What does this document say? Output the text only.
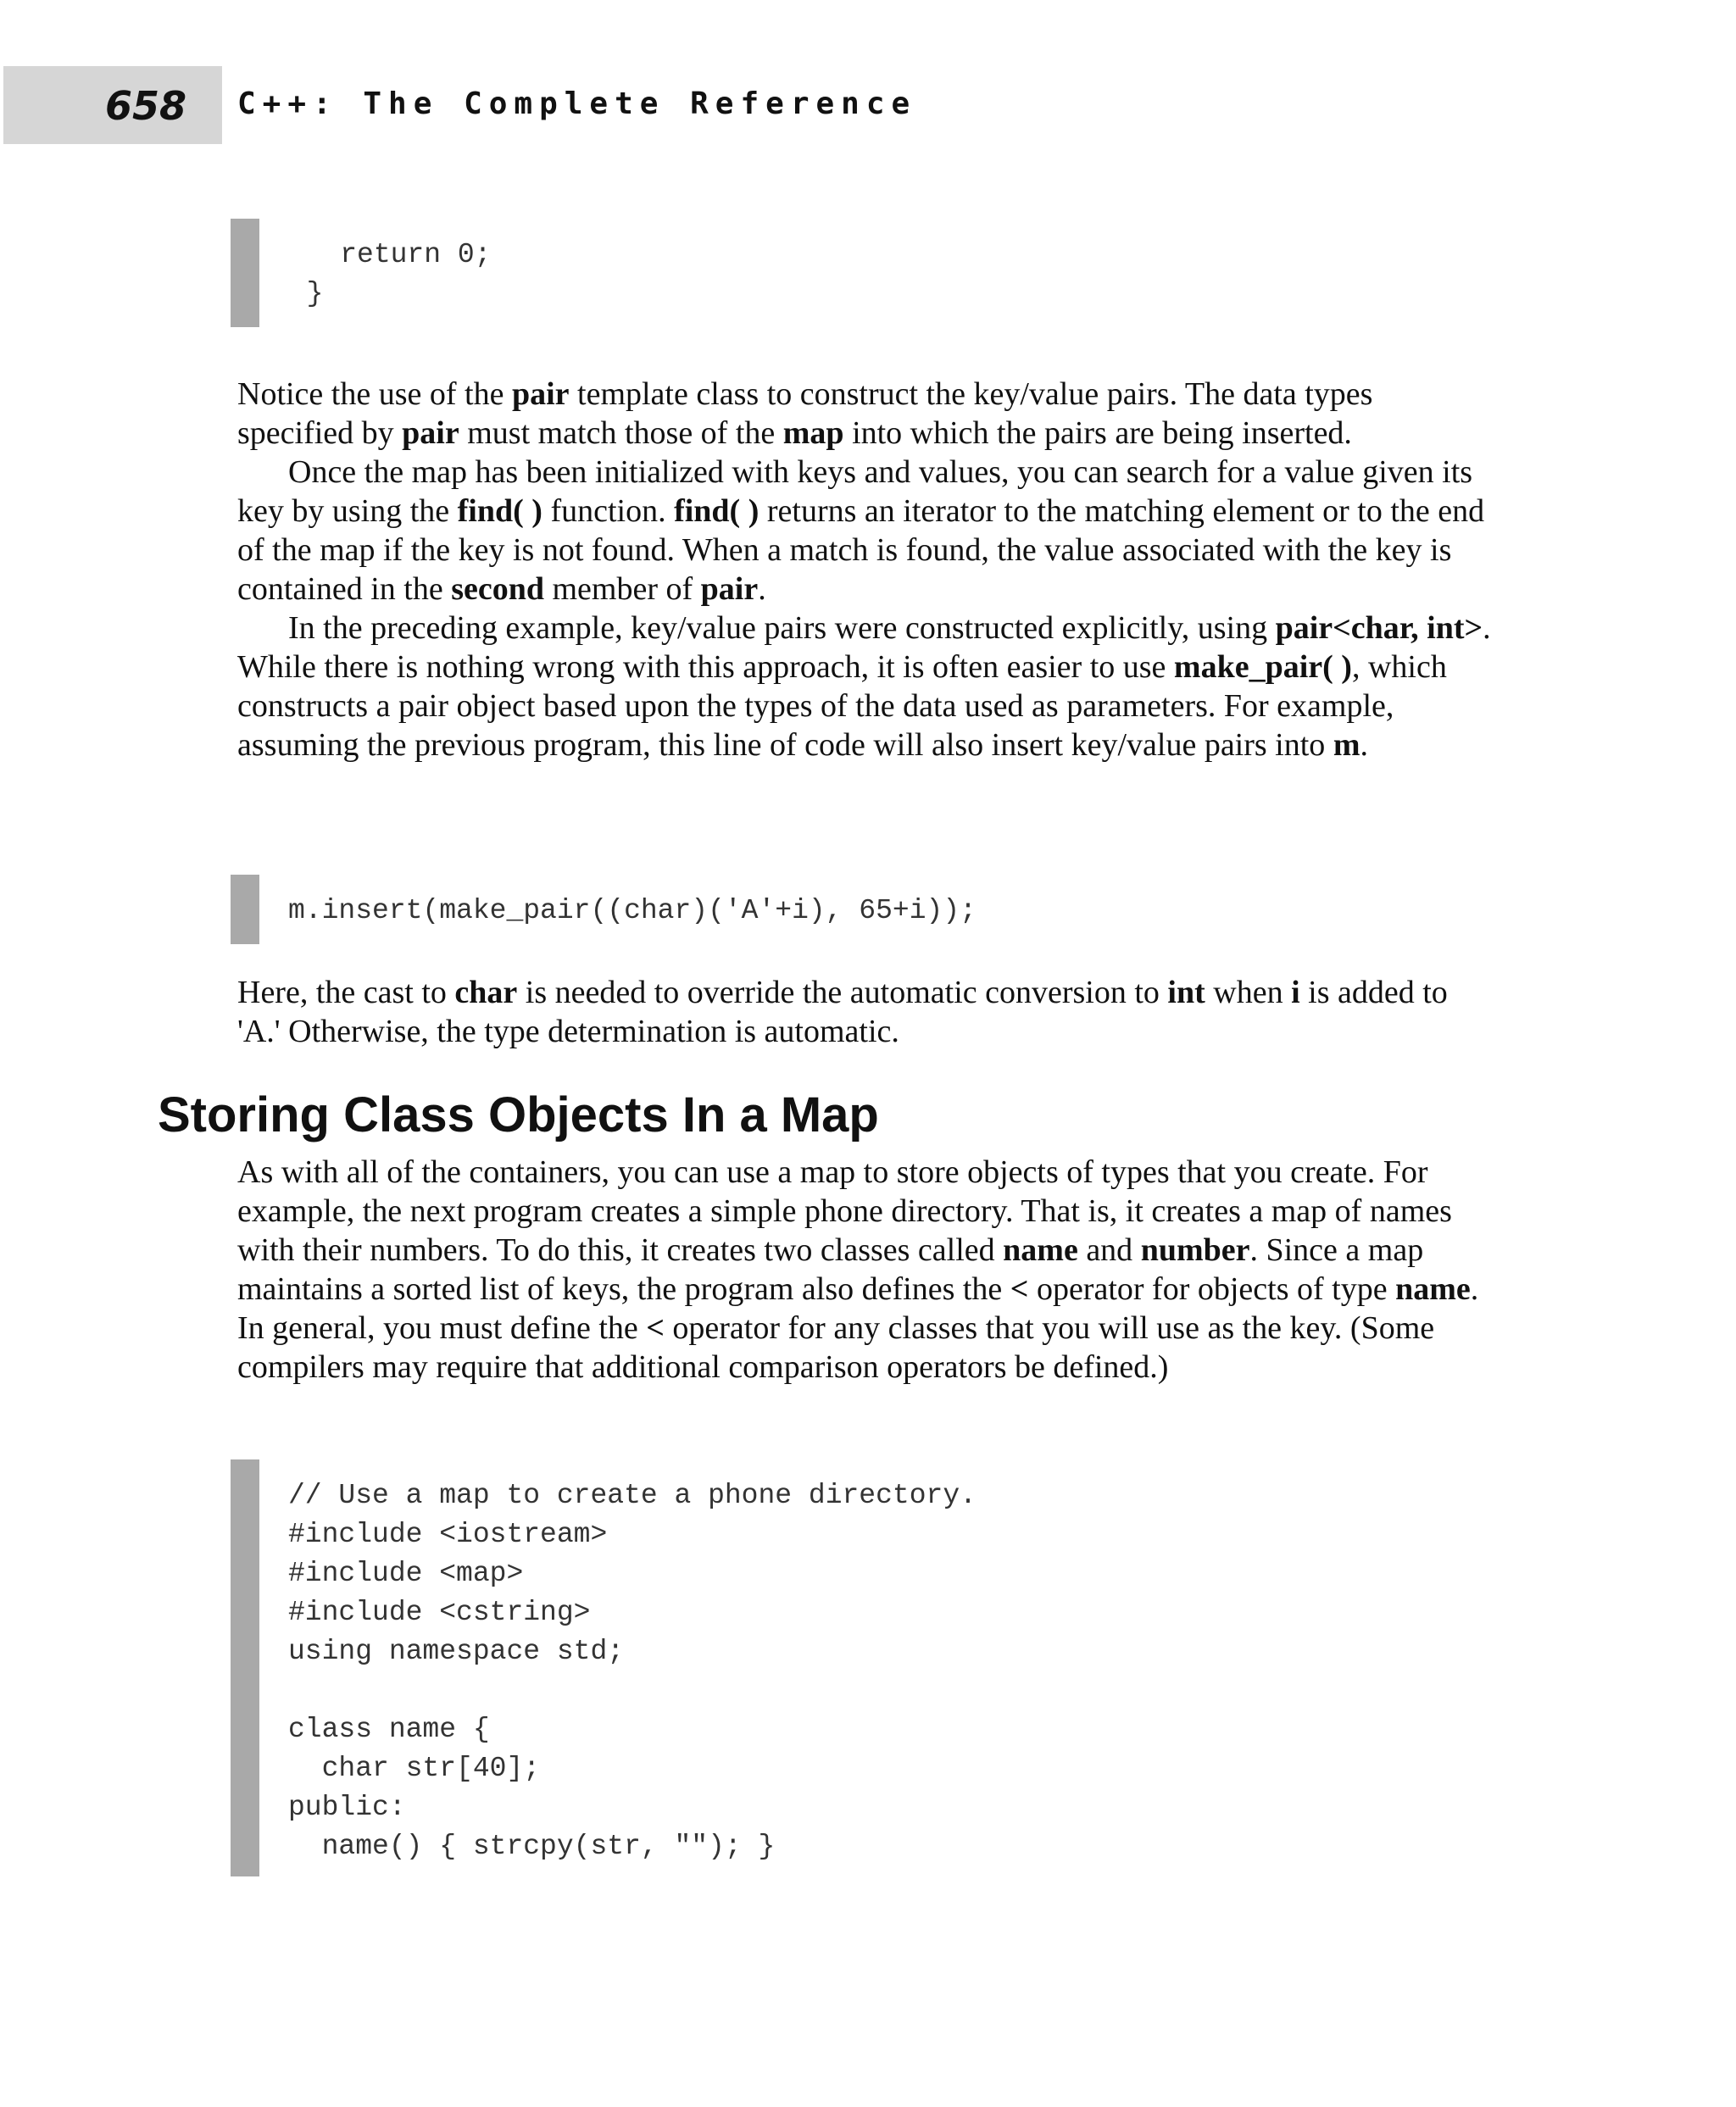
658 C++: The Complete Reference
return 0;
}

Notice the use of the pair template class to construct the key/value pairs. The data types specified by pair must match those of the map into which the pairs are being inserted.

Once the map has been initialized with keys and values, you can search for a value given its key by using the find( ) function. find( ) returns an iterator to the matching element or to the end of the map if the key is not found. When a match is found, the value associated with the key is contained in the second member of pair.

In the preceding example, key/value pairs were constructed explicitly, using pair<char, int>. While there is nothing wrong with this approach, it is often easier to use make_pair( ), which constructs a pair object based upon the types of the data used as parameters. For example, assuming the previous program, this line of code will also insert key/value pairs into m.

m.insert(make_pair((char)('A'+i), 65+i));

Here, the cast to char is needed to override the automatic conversion to int when i is added to 'A.' Otherwise, the type determination is automatic.

Storing Class Objects In a Map

As with all of the containers, you can use a map to store objects of types that you create. For example, the next program creates a simple phone directory. That is, it creates a map of names with their numbers. To do this, it creates two classes called name and number. Since a map maintains a sorted list of keys, the program also defines the < operator for objects of type name. In general, you must define the < operator for any classes that you will use as the key. (Some compilers may require that additional comparison operators be defined.)

// Use a map to create a phone directory.
#include <iostream>
#include <map>
#include <cstring>
using namespace std;

class name {
char str[40];
public:
name() { strcpy(str, ""); }
